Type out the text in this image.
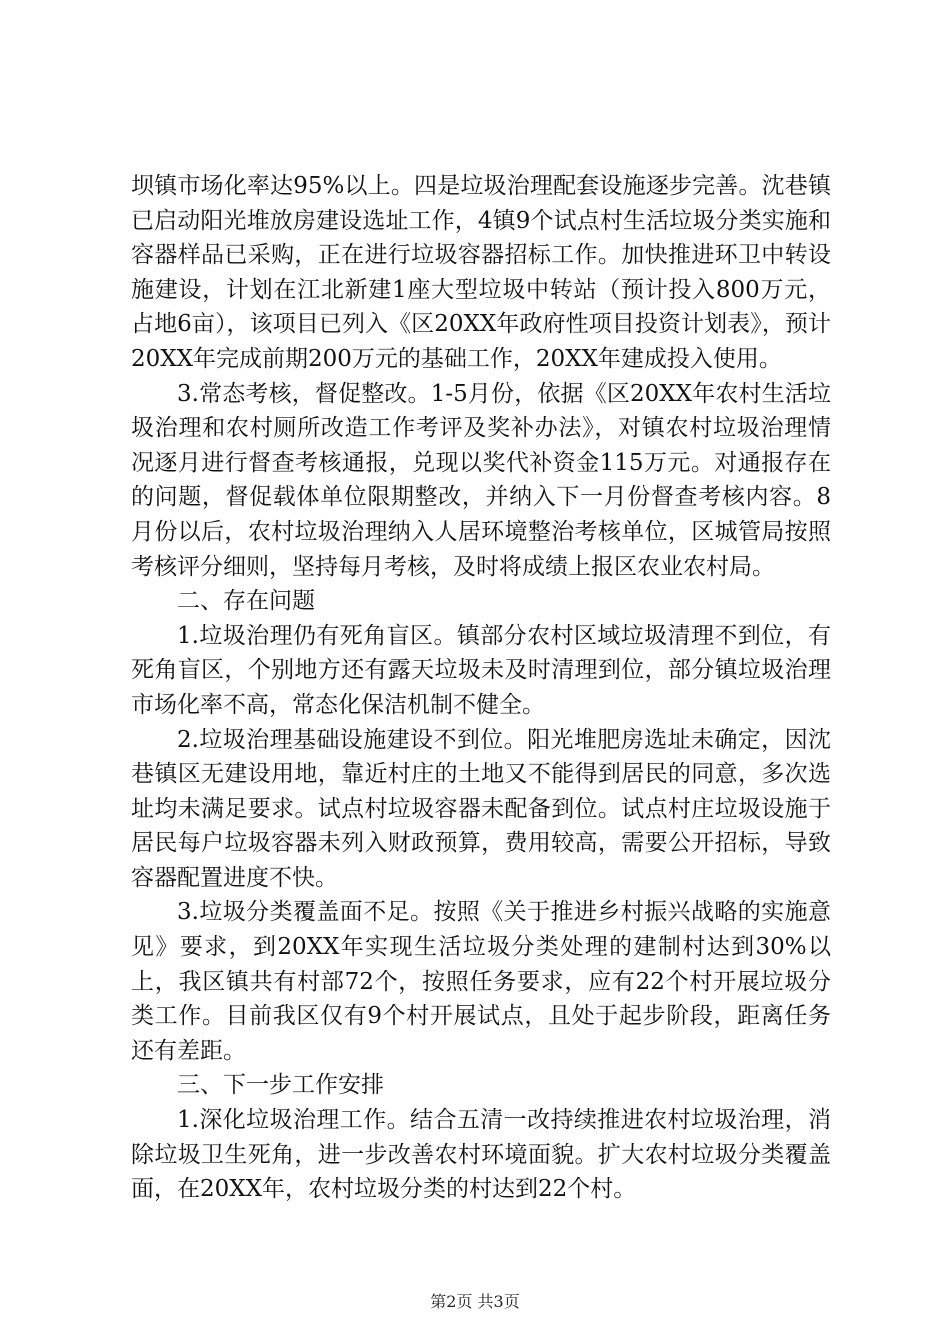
坝镇市场化率达95%以上。四是垃圾治理配套设施逐步完善。沈巷镇已启动阳光堆放房建设选址工作，4镇9个试点村生活垃圾分类实施和容器样品已采购，正在进行垃圾容器招标工作。加快推进环卫中转设施建设，计划在江北新建1座大型垃圾中转站（预计投入800万元，占地6亩），该项目已列入《区20XX年政府性项目投资计划表》，预计20XX年完成前期200万元的基础工作，20XX年建成投入使用。

3.常态考核，督促整改。1-5月份，依据《区20XX年农村生活垃圾治理和农村厕所改造工作考评及奖补办法》，对镇农村垃圾治理情况逐月进行督查考核通报，兑现以奖代补资金115万元。对通报存在的问题，督促载体单位限期整改，并纳入下一月份督查考核内容。8月份以后，农村垃圾治理纳入人居环境整治考核单位，区城管局按照考核评分细则，坚持每月考核，及时将成绩上报区农业农村局。

二、存在问题

1.垃圾治理仍有死角盲区。镇部分农村区域垃圾清理不到位，有死角盲区，个别地方还有露天垃圾未及时清理到位，部分镇垃圾治理市场化率不高，常态化保洁机制不健全。

2.垃圾治理基础设施建设不到位。阳光堆肥房选址未确定，因沈巷镇区无建设用地，靠近村庄的土地又不能得到居民的同意，多次选址均未满足要求。试点村垃圾容器未配备到位。试点村庄垃圾设施于居民每户垃圾容器未列入财政预算，费用较高，需要公开招标，导致容器配置进度不快。

3.垃圾分类覆盖面不足。按照《关于推进乡村振兴战略的实施意见》要求，到20XX年实现生活垃圾分类处理的建制村达到30%以上，我区镇共有村部72个，按照任务要求，应有22个村开展垃圾分类工作。目前我区仅有9个村开展试点，且处于起步阶段，距离任务还有差距。

三、下一步工作安排

1.深化垃圾治理工作。结合五清一改持续推进农村垃圾治理，消除垃圾卫生死角，进一步改善农村环境面貌。扩大农村垃圾分类覆盖面，在20XX年，农村垃圾分类的村达到22个村。

第2页 共3页
